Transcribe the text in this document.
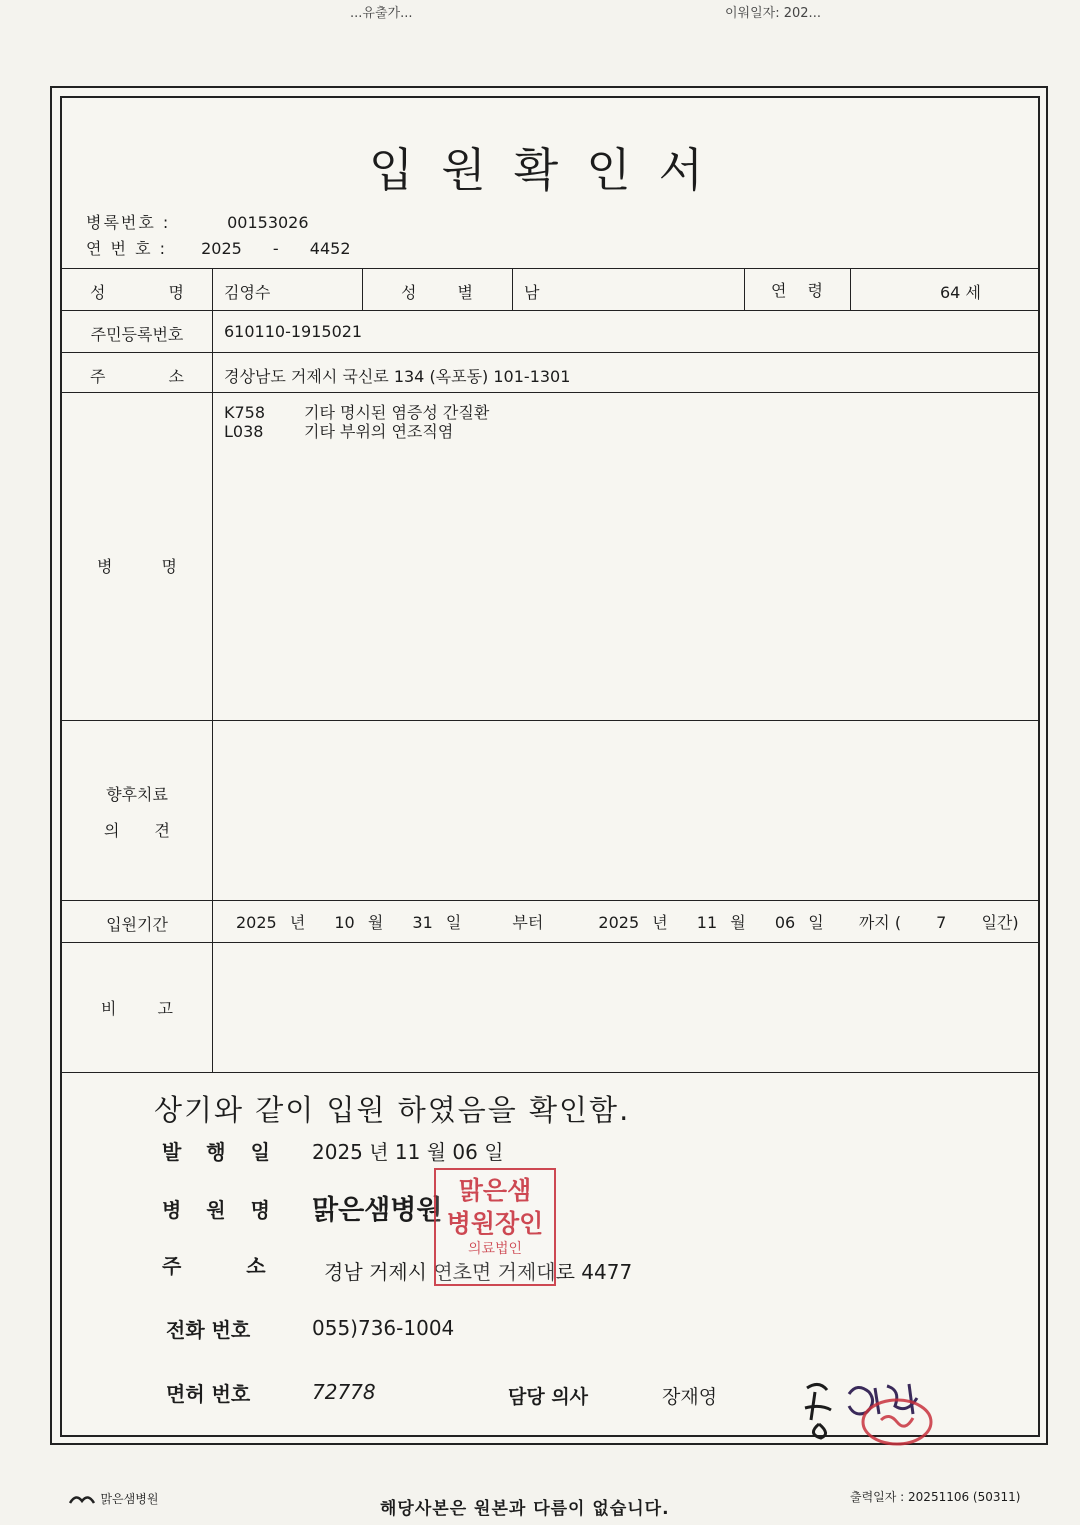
...유출가...	이워일자: 202...
입원확인서
병록번호 :	00153026
연 번 호 : 2025 - 4452
성 명	김영수	성 별	남	연 령	64 세
주민등록번호	610110-1915021
주 소	경상남도 거제시 국신로 134 (옥포동) 101-1301
병 명
K758 기타 명시된 염증성 간질환
L038	기타 부위의 연조직염
향후치료
의 견
입원기간	2025 년 10 월 31 일	부터	2025 년 11 월 06 일 까지 ( 7 일간)
비 고
상기와 같이 입원 하였음을 확인함.
발 행 일 2025 년 11 월 06 일
병 원 명 맑은샘병원
주 소	경남 거제시 연초면 거제대로 4477
전화 번호	055)736-1004
면허 번호	72778	담당 의사	장재영
맑은샘
병원장인
의료법인
맑은샘병원	해당사본은 원본과 다름이 없습니다.
출력일자 : 20251106 (50311)
